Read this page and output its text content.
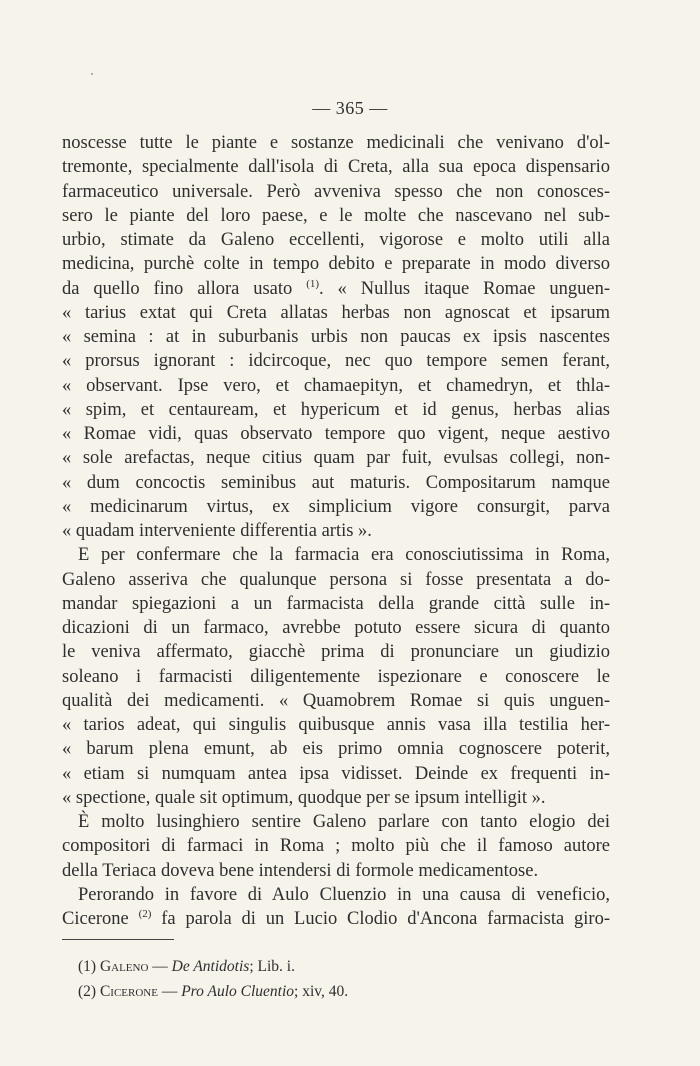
— 365 —
noscesse tutte le piante e sostanze medicinali che venivano d'ol-
tremonte, specialmente dall'isola di Creta, alla sua epoca dispensario
farmaceutico universale. Però avveniva spesso che non conosces-
sero le piante del loro paese, e le molte che nascevano nel sub-
urbio, stimate da Galeno eccellenti, vigorose e molto utili alla
medicina, purchè colte in tempo debito e preparate in modo diverso
da quello fino allora usato $^{(1)}$. « Nullus itaque Romae unguen-
« tarius extat qui Creta allatas herbas non agnoscat et ipsarum
« semina : at in suburbanis urbis non paucas ex ipsis nascentes
« prorsus ignorant : idcircoque, nec quo tempore semen ferant,
« observant. Ipse vero, et chamaepityn, et chamedryn, et thla-
« spim, et centauream, et hypericum et id genus, herbas alias
« Romae vidi, quas observato tempore quo vigent, neque aestivo
« sole arefactas, neque citius quam par fuit, evulsas collegi, non-
« dum concoctis seminibus aut maturis. Compositarum namque
« medicinarum virtus, ex simplicium vigore consurgit, parva
« quadam interveniente differentia artis ».
E per confermare che la farmacia era conosciutissima in Roma,
Galeno asseriva che qualunque persona si fosse presentata a do-
mandar spiegazioni a un farmacista della grande città sulle in-
dicazioni di un farmaco, avrebbe potuto essere sicura di quanto
le veniva affermato, giacchè prima di pronunciare un giudizio
soleano i farmacisti diligentemente ispezionare e conoscere le
qualità dei medicamenti. « Quamobrem Romae si quis unguen-
« tarios adeat, qui singulis quibusque annis vasa illa testilia her-
« barum plena emunt, ab eis primo omnia cognoscere poterit,
« etiam si numquam antea ipsa vidisset. Deinde ex frequenti in-
« spectione, quale sit optimum, quodque per se ipsum intelligit ».
È molto lusinghiero sentire Galeno parlare con tanto elogio dei
compositori di farmaci in Roma ; molto più che il famoso autore
della Teriaca doveva bene intendersi di formole medicamentose.
Perorando in favore di Aulo Cluenzio in una causa di veneficio,
Cicerone $^{(2)}$ fa parola di un Lucio Clodio d'Ancona farmacista giro-
(1) Galeno — De Antidotis; Lib. i.
(2) Cicerone — Pro Aulo Cluentio; xiv, 40.
